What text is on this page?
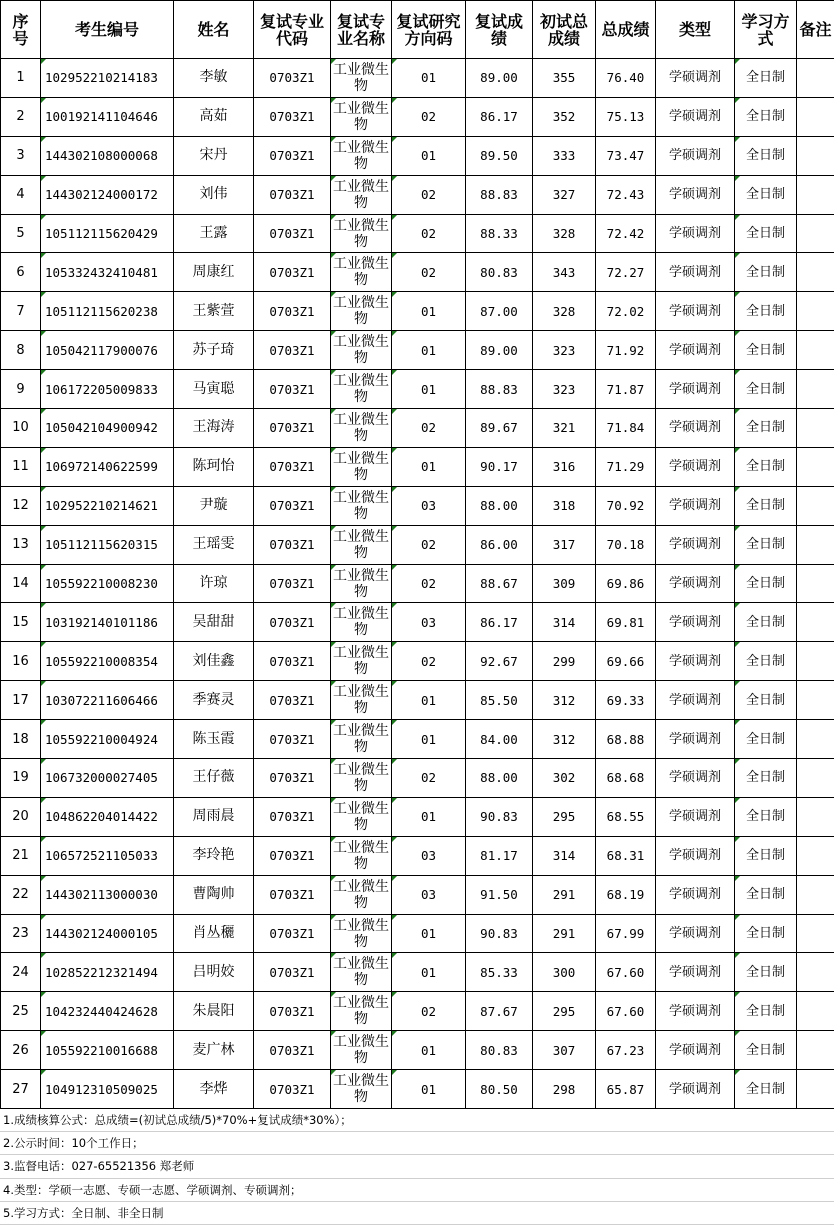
序号	考生编号	姓名	复试专业代码	复试专业名称	复试研究方向码	复试成绩	初试总成绩	总成绩	类型	学习方式	备注
1	102952210214183	李敏	0703Z1	工业微生物	01	89.00	355	76.40	学硕调剂	全日制	
2	100192141104646	高茹	0703Z1	工业微生物	02	86.17	352	75.13	学硕调剂	全日制	
3	144302108000068	宋丹	0703Z1	工业微生物	01	89.50	333	73.47	学硕调剂	全日制	
4	144302124000172	刘伟	0703Z1	工业微生物	02	88.83	327	72.43	学硕调剂	全日制	
5	105112115620429	王露	0703Z1	工业微生物	02	88.33	328	72.42	学硕调剂	全日制	
6	105332432410481	周康红	0703Z1	工业微生物	02	80.83	343	72.27	学硕调剂	全日制	
7	105112115620238	王紫萱	0703Z1	工业微生物	01	87.00	328	72.02	学硕调剂	全日制	
8	105042117900076	苏子琦	0703Z1	工业微生物	01	89.00	323	71.92	学硕调剂	全日制	
9	106172205009833	马寅聪	0703Z1	工业微生物	01	88.83	323	71.87	学硕调剂	全日制	
10	105042104900942	王海涛	0703Z1	工业微生物	02	89.67	321	71.84	学硕调剂	全日制	
11	106972140622599	陈珂怡	0703Z1	工业微生物	01	90.17	316	71.29	学硕调剂	全日制	
12	102952210214621	尹璇	0703Z1	工业微生物	03	88.00	318	70.92	学硕调剂	全日制	
13	105112115620315	王瑶雯	0703Z1	工业微生物	02	86.00	317	70.18	学硕调剂	全日制	
14	105592210008230	许琼	0703Z1	工业微生物	02	88.67	309	69.86	学硕调剂	全日制	
15	103192140101186	吴甜甜	0703Z1	工业微生物	03	86.17	314	69.81	学硕调剂	全日制	
16	105592210008354	刘佳鑫	0703Z1	工业微生物	02	92.67	299	69.66	学硕调剂	全日制	
17	103072211606466	季赛灵	0703Z1	工业微生物	01	85.50	312	69.33	学硕调剂	全日制	
18	105592210004924	陈玉霞	0703Z1	工业微生物	01	84.00	312	68.88	学硕调剂	全日制	
19	106732000027405	王仔薇	0703Z1	工业微生物	02	88.00	302	68.68	学硕调剂	全日制	
20	104862204014422	周雨晨	0703Z1	工业微生物	01	90.83	295	68.55	学硕调剂	全日制	
21	106572521105033	李玲艳	0703Z1	工业微生物	03	81.17	314	68.31	学硕调剂	全日制	
22	144302113000030	曹陶帅	0703Z1	工业微生物	03	91.50	291	68.19	学硕调剂	全日制	
23	144302124000105	肖丛穲	0703Z1	工业微生物	01	90.83	291	67.99	学硕调剂	全日制	
24	102852212321494	吕明姣	0703Z1	工业微生物	01	85.33	300	67.60	学硕调剂	全日制	
25	104232440424628	朱晨阳	0703Z1	工业微生物	02	87.67	295	67.60	学硕调剂	全日制	
26	105592210016688	麦广林	0703Z1	工业微生物	01	80.83	307	67.23	学硕调剂	全日制	
27	104912310509025	李烨	0703Z1	工业微生物	01	80.50	298	65.87	学硕调剂	全日制	
1.成绩核算公式：总成绩=(初试总成绩/5)*70%+复试成绩*30%）；
2.公示时间：10个工作日；
3.监督电话：027-65521356 郑老师
4.类型：学硕一志愿、专硕一志愿、学硕调剂、专硕调剂；
5.学习方式：全日制、非全日制
